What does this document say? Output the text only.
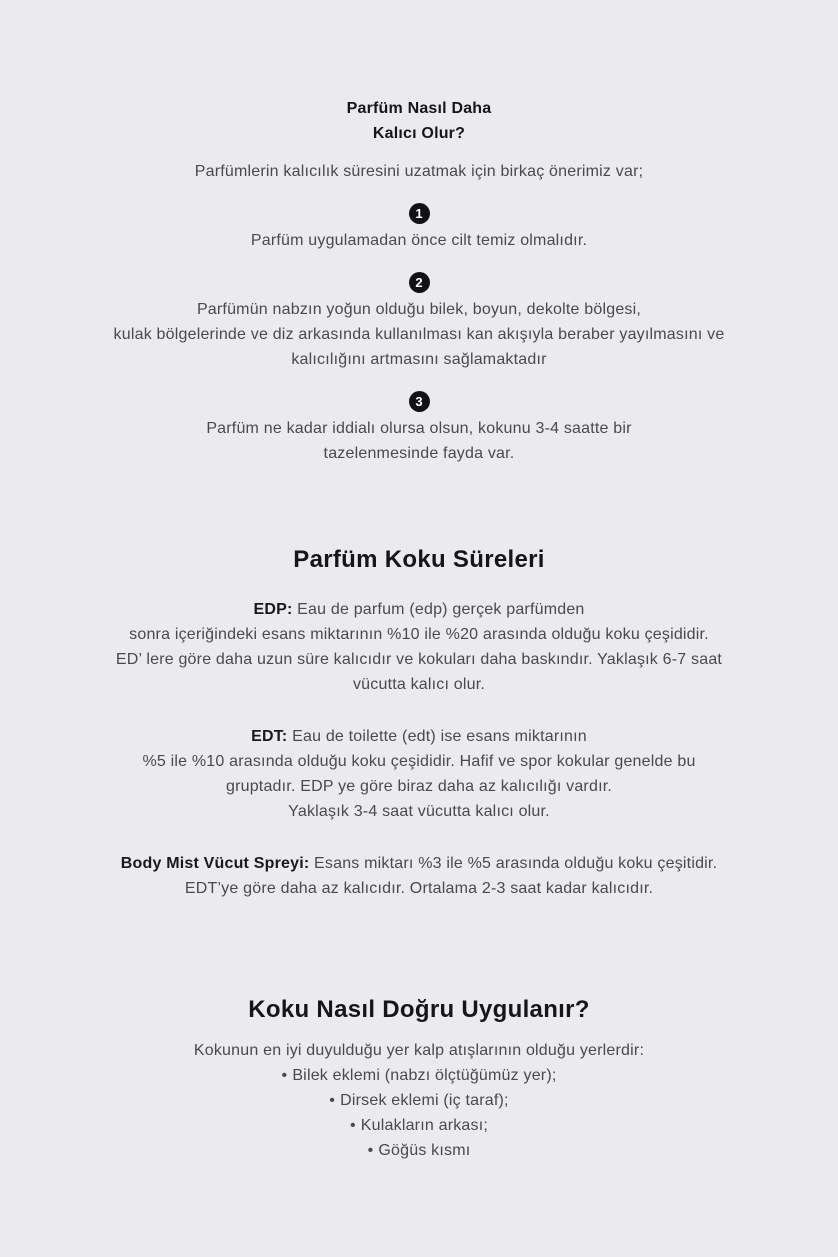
Parfüm Nasıl Daha
Kalıcı Olur?
Parfümlerin kalıcılık süresini uzatmak için birkaç önerimiz var;
1
Parfüm uygulamadan önce cilt temiz olmalıdır.
2
Parfümün nabzın yoğun olduğu bilek, boyun, dekolte bölgesi,
kulak bölgelerinde ve diz arkasında kullanılması kan akışıyla beraber yayılmasını ve
kalıcılığını artmasını sağlamaktadır
3
Parfüm ne kadar iddialı olursa olsun, kokunu 3-4 saatte bir
tazelenmesinde fayda var.
Parfüm Koku Süreleri

EDP: Eau de parfum (edp) gerçek parfümden
sonra içeriğindeki esans miktarının %10 ile %20 arasında olduğu koku çeşididir.
ED’ lere göre daha uzun süre kalıcıdır ve kokuları daha baskındır. Yaklaşık 6-7 saat
vücutta kalıcı olur.

EDT: Eau de toilette (edt) ise esans miktarının
%5 ile %10 arasında olduğu koku çeşididir. Hafif ve spor kokular genelde bu
gruptadır. EDP ye göre biraz daha az kalıcılığı vardır.
Yaklaşık 3-4 saat vücutta kalıcı olur.

Body Mist Vücut Spreyi: Esans miktarı %3 ile %5 arasında olduğu koku çeşitidir.
EDT’ye göre daha az kalıcıdır. Ortalama 2-3 saat kadar kalıcıdır.

Koku Nasıl Doğru Uygulanır?
Kokunun en iyi duyulduğu yer kalp atışlarının olduğu yerlerdir:
• Bilek eklemi (nabzı ölçtüğümüz yer);
• Dirsek eklemi (iç taraf);
• Kulakların arkası;
• Göğüs kısmı
